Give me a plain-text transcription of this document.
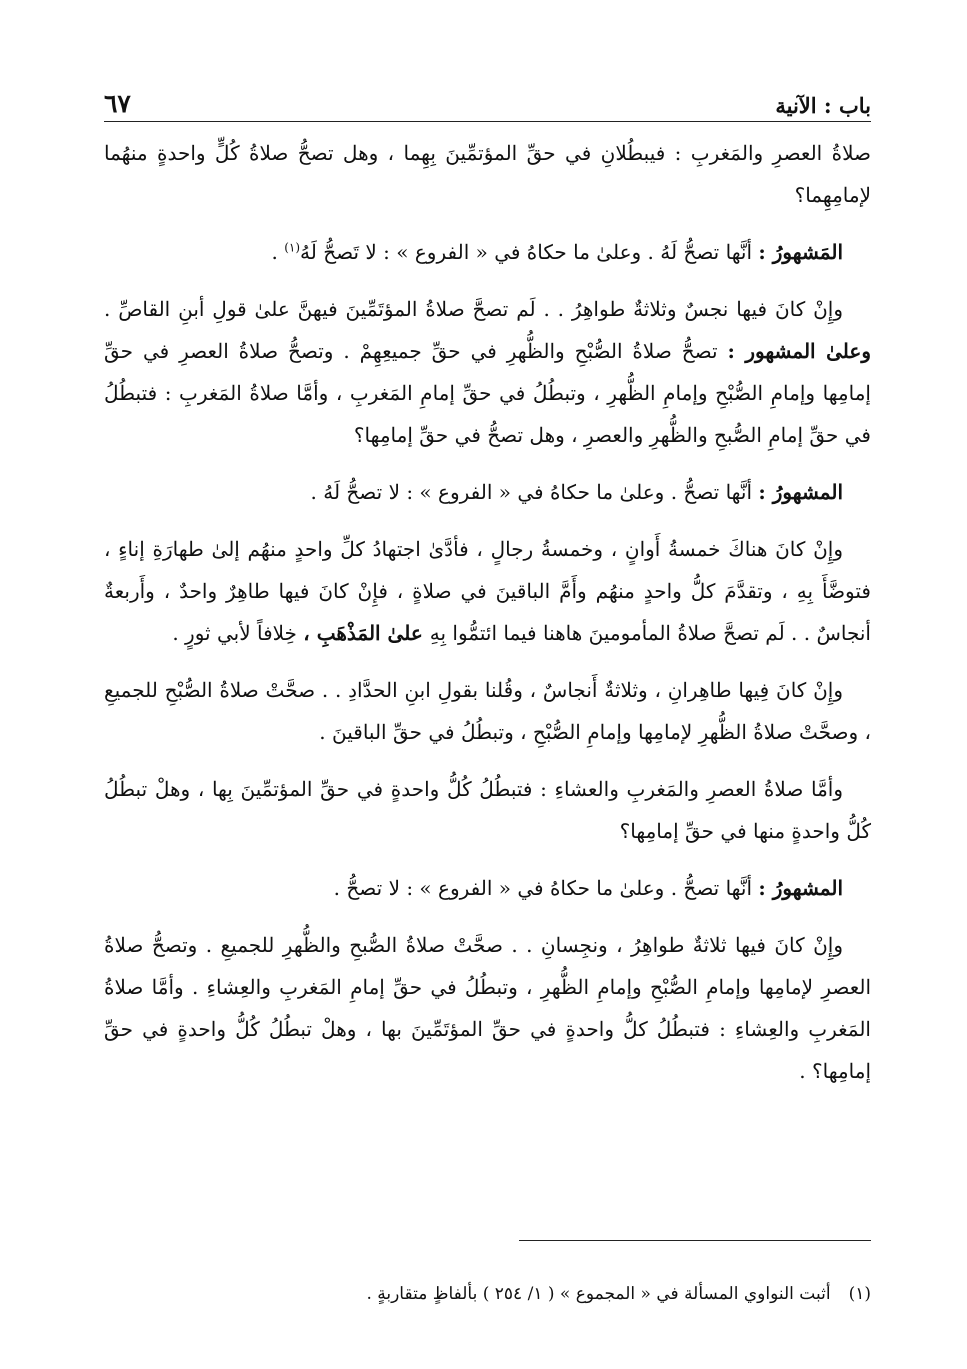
باب : الآنية
٦٧

صلاةُ العصرِ والمَغربِ : فيبطُلانِ في حقِّ المؤتمِّينَ بِهِما ، وهل تصحُّ صلاةُ كُلٍّ واحدةٍ منهُما لإمامِهِما؟

المَشهورُ : أنَّها تصحُّ لَهُ . وعلىٰ ما حكاهُ في « الفروع » : لا تَصحُّ لَهُ$^{(١)}$ .

وإِنْ كانَ فيها نجسٌ وثلاثةٌ طواهِرُ . . لَم تصحَّ صلاةُ المؤتَمِّينَ فيهنَّ علىٰ قولِ أبنِ القاصِّ . وعلىٰ المشهور : تصحُّ صلاةُ الصُّبْحِ والظُّهرِ في حقِّ جميعِهِمْ . وتصحُّ صلاةُ العصرِ في حقِّ إمامِها وإمامِ الصُّبْحِ وإمامِ الظُّهرِ ، وتبطُلُ في حقِّ إمامِ المَغربِ ، وأمَّا صلاةُ المَغربِ : فتبطُلُ في حقِّ إمامِ الصُّبحِ والظُّهرِ والعصرِ ، وهل تصحُّ في حقِّ إمامِها؟

المشهورُ : أنَّها تصحُّ . وعلىٰ ما حكاهُ في « الفروع » : لا تصحُّ لَهُ .

وإِنْ كانَ هناكَ خمسةُ أَوانٍ ، وخمسةُ رجالٍ ، فأدَّىٰ اجتهادُ كلِّ واحدٍ منهُم إلىٰ طهارَةِ إناءٍ ، فتوضَّأَ بِهِ ، وتقدَّمَ كلُّ واحدٍ منهُم وأَمَّ الباقينَ في صلاةٍ ، فإِنْ كانَ فيها طاهِرٌ واحدٌ ، وأَربعةٌ أنجاسٌ . . لَم تصحَّ صلاةُ المأمومينَ هاهنا فيما ائتمُّوا بِهِ علىٰ المَذْهَبِ ، خِلافاً لأبي ثورٍ .

وإِنْ كانَ فِيها طاهِرانِ ، وثلاثةٌ أَنجاسٌ ، وقُلنا بقولِ ابنِ الحدَّادِ . . صحَّتْ صلاةُ الصُّبْحِ للجميعِ ، وصحَّتْ صلاةُ الظُّهرِ لإمامِها وإمامِ الصُّبْحِ ، وتبطُلُ في حقِّ الباقينَ .

وأمَّا صلاةُ العصرِ والمَغربِ والعشاءِ : فتبطُلُ كُلُّ واحدةٍ في حقِّ المؤتمِّينَ بِها ، وهلْ تبطُلُ كُلُّ واحدةٍ منها في حقِّ إمامِها؟

المشهورُ : أنَّها تصحُّ . وعلىٰ ما حكاهُ في « الفروع » : لا تصحُّ .

وإِنْ كانَ فيها ثلاثةٌ طواهِرُ ، ونجِسانِ . . صحَّتْ صلاةُ الصُّبحِ والظُّهرِ للجميعِ . وتصحُّ صلاةُ العصرِ لإمامِها وإمامِ الصُّبْحِ وإمامِ الظُّهرِ ، وتبطُلُ في حقِّ إمامِ المَغربِ والعِشاءِ . وأمَّا صلاةُ المَغربِ والعِشاءِ : فتبطُلُ كلُّ واحدةٍ في حقِّ المؤتَمِّينَ بها ، وهلْ تبطُلُ كُلُّ واحدةٍ في حقِّ إمامِها؟ .

(١)أثبت النواوي المسألة في « المجموع » ( ١/ ٢٥٤ ) بألفاظٍ متقاربةٍ .
